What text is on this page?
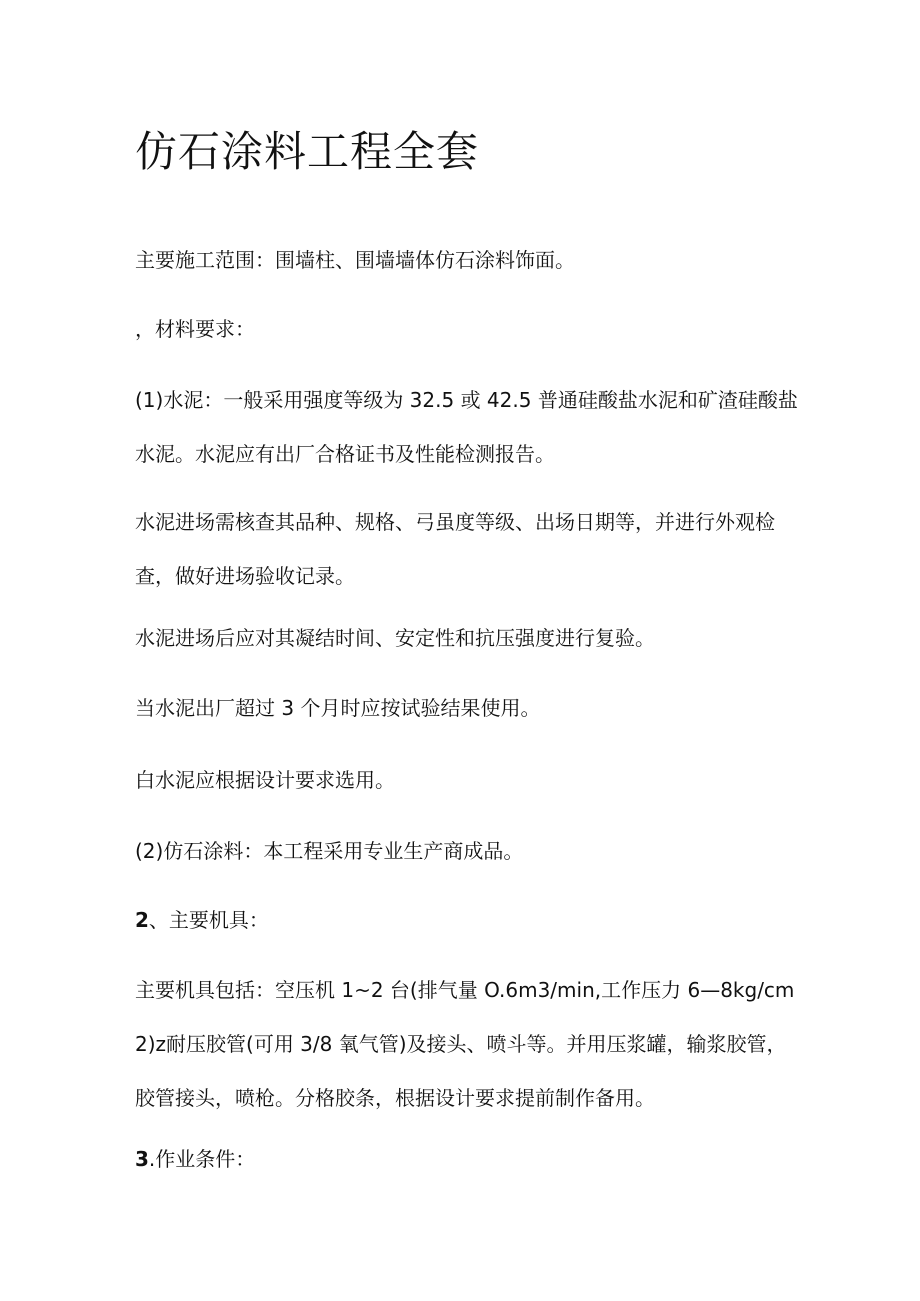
仿石涂料工程全套

主要施工范围：围墙柱、围墙墙体仿石涂料饰面。

，材料要求：

(1)水泥：一般采用强度等级为 32.5 或 42.5 普通硅酸盐水泥和矿渣硅酸盐水泥。水泥应有出厂合格证书及性能检测报告。

水泥进场需核查其品种、规格、弓虽度等级、出场日期等，并进行外观检查，做好进场验收记录。

水泥进场后应对其凝结时间、安定性和抗压强度进行复验。

当水泥出厂超过 3 个月时应按试验结果使用。

白水泥应根据设计要求选用。

(2)仿石涂料：本工程采用专业生产商成品。

2、主要机具：

主要机具包括：空压机 1~2 台(排气量 O.6m3/min,工作压力 6—8kg/cm2)z耐压胶管(可用 3/8 氧气管)及接头、喷斗等。并用压浆罐，输浆胶管，胶管接头，喷枪。分格胶条，根据设计要求提前制作备用。

3.作业条件：
